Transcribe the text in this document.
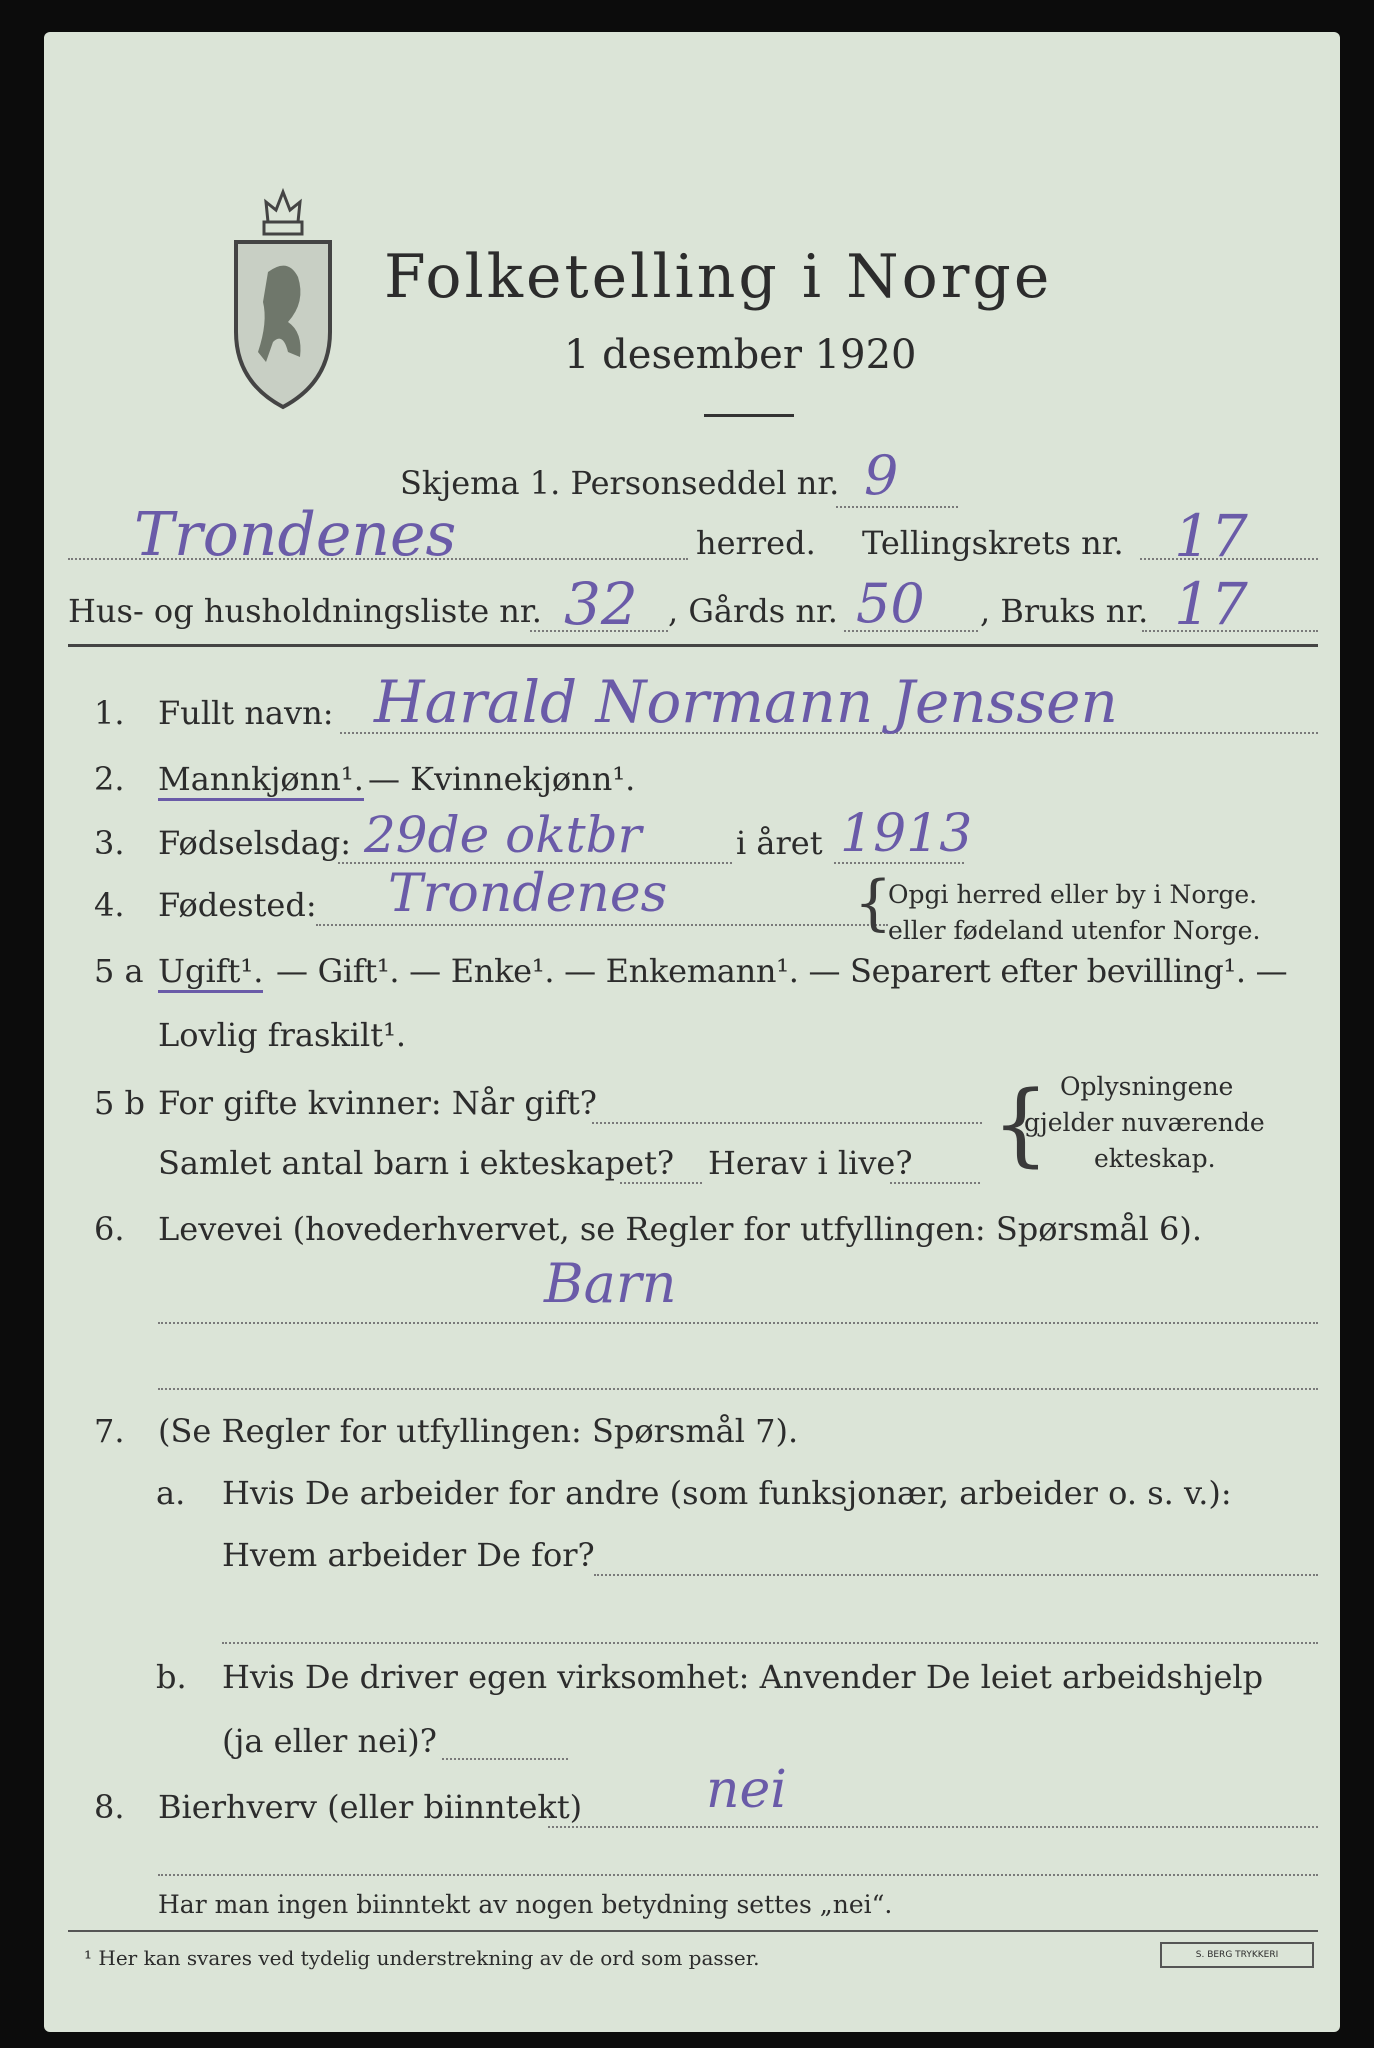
Folketelling i Norge
1 desember 1920
Skjema 1. Personseddel nr. 9
Trondenes	herred. Tellingskrets nr. 17
Hus- og husholdningsliste nr. 32 , Gårds nr. 50 , Bruks nr. 17
1. Fullt navn: Harald Normann Jenssen
2. Mannkjønn¹. — Kvinnekjønn¹.
3. Fødselsdag: 29de oktbr	i året 1913
4. Fødested: Trondenes	{
Opgi herred eller by i Norge.
eller fødeland utenfor Norge.
5 a Ugift¹. — Gift¹. — Enke¹. — Enkemann¹. — Separert efter bevilling¹. —
Lovlig fraskilt¹.
5 b For gifte kvinner: Når gift?
Samlet antal barn i ekteskapet? Herav i live? { Oplysningene
gjelder nuværende
ekteskap.
6. Levevei (hovederhvervet, se Regler for utfyllingen: Spørsmål 6).
Barn
7. (Se Regler for utfyllingen: Spørsmål 7).
a. Hvis De arbeider for andre (som funksjonær, arbeider o. s. v.):
Hvem arbeider De for?
b. Hvis De driver egen virksomhet: Anvender De leiet arbeidshjelp
(ja eller nei)?
8. Bierhverv (eller biinntekt) nei
Har man ingen biinntekt av nogen betydning settes „nei“.
¹ Her kan svares ved tydelig understrekning av de ord som passer.	S. BERG TRYKKERI
